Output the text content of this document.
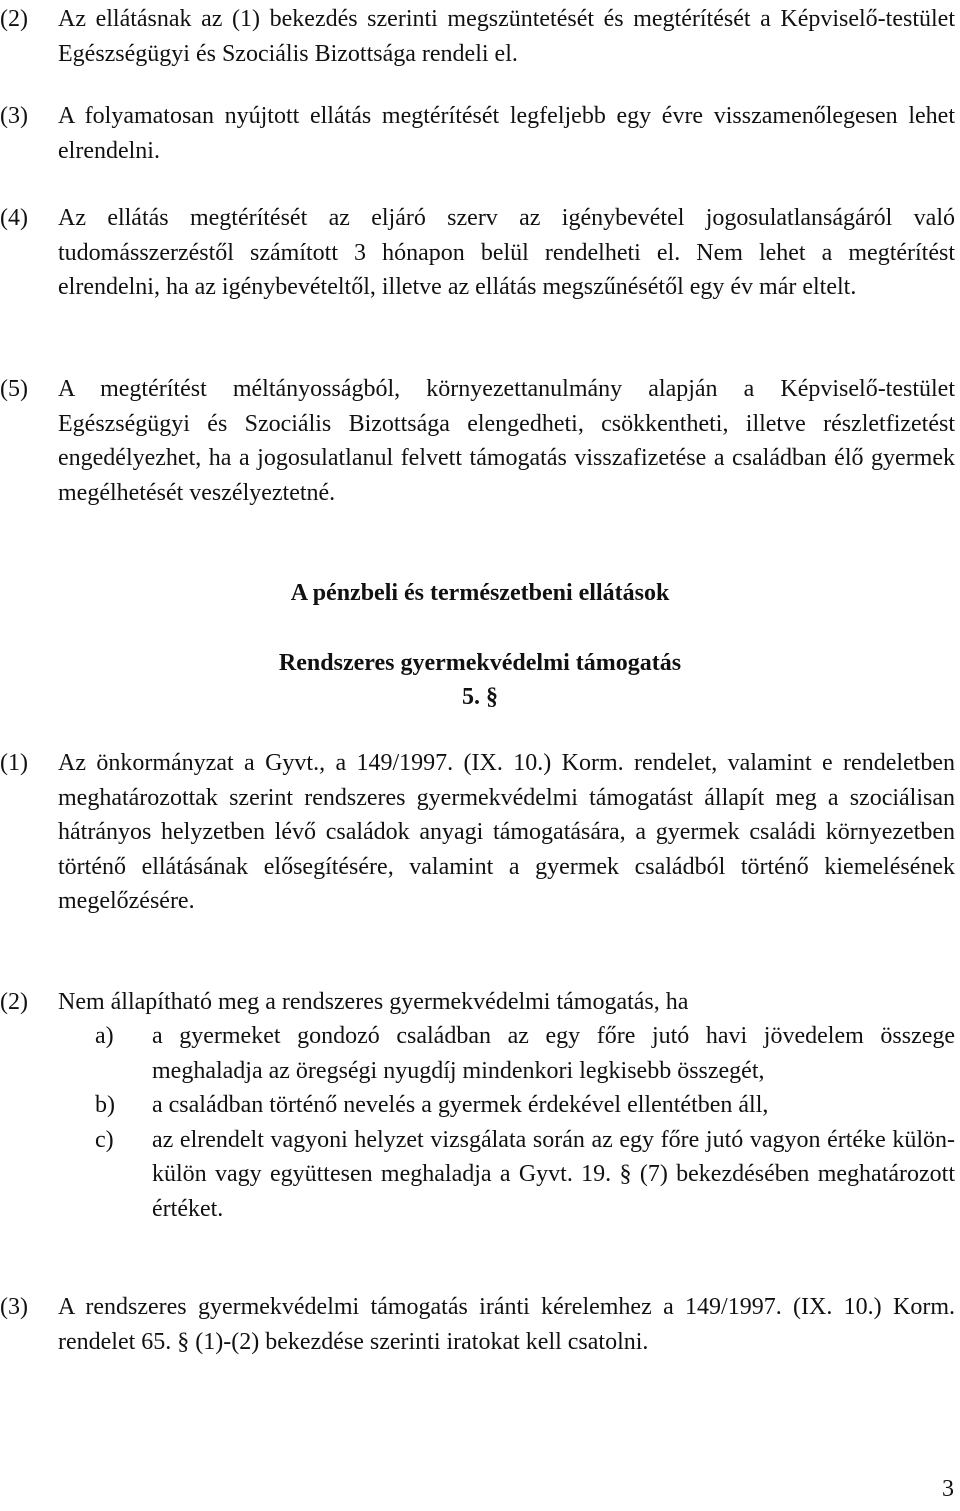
(2) Az ellátásnak az (1) bekezdés szerinti megszüntetését és megtérítését a Képviselő-testület Egészségügyi és Szociális Bizottsága rendeli el.
(3) A folyamatosan nyújtott ellátás megtérítését legfeljebb egy évre visszamenőlegesen lehet elrendelni.
(4) Az ellátás megtérítését az eljáró szerv az igénybevétel jogosulatlanságáról való tudomásszerzéstől számított 3 hónapon belül rendelheti el. Nem lehet a megtérítést elrendelni, ha az igénybevételtől, illetve az ellátás megszűnésétől egy év már eltelt.
(5) A megtérítést méltányosságból, környezettanulmány alapján a Képviselő-testület Egészségügyi és Szociális Bizottsága elengedheti, csökkentheti, illetve részletfizetést engedélyezhet, ha a jogosulatlanul felvett támogatás visszafizetése a családban élő gyermek megélhetését veszélyeztetné.
A pénzbeli és természetbeni ellátások
Rendszeres gyermekvédelmi támogatás
5. §
(1) Az önkormányzat a Gyvt., a 149/1997. (IX. 10.) Korm. rendelet, valamint e rendeletben meghatározottak szerint rendszeres gyermekvédelmi támogatást állapít meg a szociálisan hátrányos helyzetben lévő családok anyagi támogatására, a gyermek családi környezetben történő ellátásának elősegítésére, valamint a gyermek családból történő kiemelésének megelőzésére.
(2) Nem állapítható meg a rendszeres gyermekvédelmi támogatás, ha
a) a gyermeket gondozó családban az egy főre jutó havi jövedelem összege meghaladja az öregségi nyugdíj mindenkori legkisebb összegét,
b) a családban történő nevelés a gyermek érdekével ellentétben áll,
c) az elrendelt vagyoni helyzet vizsgálata során az egy főre jutó vagyon értéke külön-külön vagy együttesen meghaladja a Gyvt. 19. § (7) bekezdésében meghatározott értéket.
(3) A rendszeres gyermekvédelmi támogatás iránti kérelemhez a 149/1997. (IX. 10.) Korm. rendelet 65. § (1)-(2) bekezdése szerinti iratokat kell csatolni.
3
